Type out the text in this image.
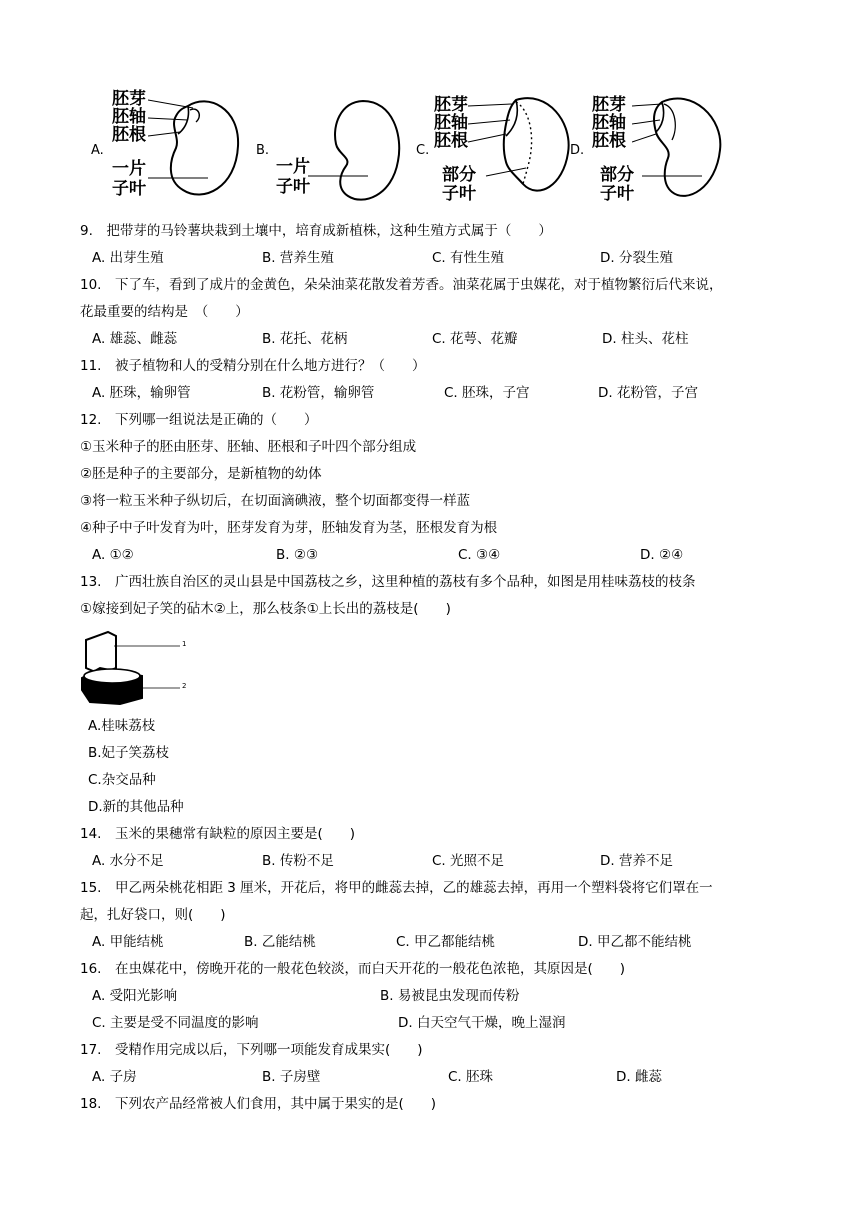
A.
胚芽
胚轴
胚根
一片
子叶
B.
一片
子叶
C.
胚芽
胚轴
胚根
部分
子叶
D.
胚芽
胚轴
胚根
部分
子叶
9.　把带芽的马铃薯块栽到土壤中，培育成新植株，这种生殖方式属于（　　）
A. 出芽生殖	B. 营养生殖	C. 有性生殖	D. 分裂生殖
10.　下了车，看到了成片的金黄色，朵朵油菜花散发着芳香。油菜花属于虫媒花，对于植物繁衍后代来说，
花最重要的结构是　（　　）
A. 雄蕊、雌蕊	B. 花托、花柄	C. 花萼、花瓣	D. 柱头、花柱
11.　被子植物和人的受精分别在什么地方进行？（　　）
A. 胚珠，输卵管	B. 花粉管，输卵管	C. 胚珠，子宫	D. 花粉管，子宫
12.　下列哪一组说法是正确的（　　）
①玉米种子的胚由胚芽、胚轴、胚根和子叶四个部分组成
②胚是种子的主要部分，是新植物的幼体
③将一粒玉米种子纵切后，在切面滴碘液，整个切面都变得一样蓝
④种子中子叶发育为叶，胚芽发育为芽，胚轴发育为茎，胚根发育为根
A. ①②	B. ②③	C. ③④	D. ②④
13.　广西壮族自治区的灵山县是中国荔枝之乡，这里种植的荔枝有多个品种，如图是用桂味荔枝的枝条
①嫁接到妃子笑的砧木②上，那么枝条①上长出的荔枝是(　　)
1
2
A.桂味荔枝
B.妃子笑荔枝
C.杂交品种
D.新的其他品种
14.　玉米的果穗常有缺粒的原因主要是(　　)
A. 水分不足	B. 传粉不足	C. 光照不足	D. 营养不足
15.　甲乙两朵桃花相距 3 厘米，开花后，将甲的雌蕊去掉，乙的雄蕊去掉，再用一个塑料袋将它们罩在一
起，扎好袋口，则(　　)
A. 甲能结桃	B. 乙能结桃	C. 甲乙都能结桃	D. 甲乙都不能结桃
16.　在虫媒花中，傍晚开花的一般花色较淡，而白天开花的一般花色浓艳，其原因是(　　)
A. 受阳光影响	B. 易被昆虫发现而传粉
C. 主要是受不同温度的影响	D. 白天空气干燥，晚上湿润
17.　受精作用完成以后，下列哪一项能发育成果实(　　)
A. 子房	B. 子房壁	C. 胚珠	D. 雌蕊
18.　下列农产品经常被人们食用，其中属于果实的是(　　)
